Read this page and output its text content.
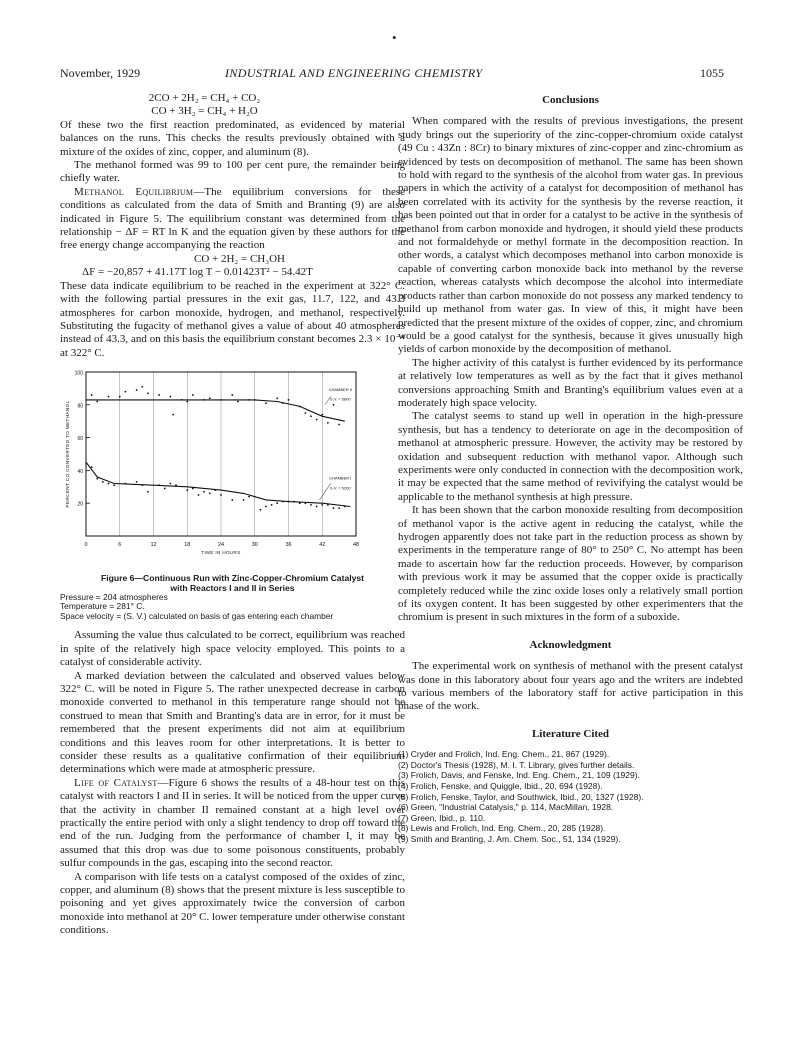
•
November, 1929	INDUSTRIAL AND ENGINEERING CHEMISTRY	1055

2CO + 2H₂ = CH₄ + CO₂

CO + 3H₂ = CH₄ + H₂O

Of these two the first reaction predominated, as evidenced by material balances on the runs. This checks the results previously obtained with a mixture of the oxides of zinc, copper, and aluminum (8).

The methanol formed was 99 to 100 per cent pure, the remainder being chiefly water.

Methanol Equilibrium—The equilibrium conversions for these conditions as calculated from the data of Smith and Branting (9) are also indicated in Figure 5. The equilibrium constant was determined from the relationship − ΔF = RT ln K and the equation given by these authors for the free energy change accompanying the reaction

CO + 2H₂ = CH₃OH

ΔF = −20,857 + 41.17T log T − 0.01423T² − 54.42T

These data indicate equilibrium to be reached in the experiment at 322° C. with the following partial pressures in the exit gas, 11.7, 122, and 43.3 atmospheres for carbon monoxide, hydrogen, and methanol, respectively. Substituting the fugacity of methanol gives a value of about 40 atmospheres instead of 43.3, and on this basis the equilibrium constant becomes 2.3 × 10⁻⁴ at 322° C.

100
80
60
40
20
0	6	12	18	24	30	36	42	48
TIME IN HOURS
PERCENT CO CONVERTED TO METHANOL
CHAMBER II
S.V. = 5600
CHAMBER I
S.V. = 5200
Figure 6—Continuous Run with Zinc-Copper-Chromium Catalyst
with Reactors I and II in Series
Pressure = 204 atmospheres
Temperature = 281° C.
Space velocity = (S. V.) calculated on basis of gas entering each chamber

Assuming the value thus calculated to be correct, equilibrium was reached in spite of the relatively high space velocity employed. This points to a catalyst of considerable activity.

A marked deviation between the calculated and observed values below 322° C. will be noted in Figure 5. The rather unexpected decrease in carbon monoxide converted to methanol in this temperature range should not be construed to mean that Smith and Branting's data are in error, for it must be remembered that the present experiments did not aim at equilibrium conditions and this leaves room for other interpretations. It is better to consider these results as a qualitative confirmation of their equilibrium determinations which were made at atmospheric pressure.

Life of Catalyst—Figure 6 shows the results of a 48-hour test on this catalyst with reactors I and II in series. It will be noticed from the upper curve that the activity in chamber II remained constant at a high level over practically the entire period with only a slight tendency to drop off toward the end of the run. Judging from the performance of chamber I, it may be assumed that this drop was due to some poisonous constituents, probably sulfur compounds in the gas, escaping into the second reactor.

A comparison with life tests on a catalyst composed of the oxides of zinc, copper, and aluminum (8) shows that the present mixture is less susceptible to poisoning and yet gives approximately twice the conversion of carbon monoxide into methanol at 20° C. lower temperature under otherwise constant conditions.

Conclusions

When compared with the results of previous investigations, the present study brings out the superiority of the zinc-copper-chromium oxide catalyst (49 Cu : 43Zn : 8Cr) to binary mixtures of zinc-copper and zinc-chromium as evidenced by tests on decomposition of methanol. The same has been shown to hold with regard to the synthesis of the alcohol from water gas. In previous papers in which the activity of a catalyst for decomposition of methanol has been correlated with its activity for the synthesis by the reverse reaction, it has been pointed out that in order for a catalyst to be active in the synthesis of methanol from carbon monoxide and hydrogen, it should yield these products and not formaldehyde or methyl formate in the decomposition reaction. In other words, a catalyst which decomposes methanol into carbon monoxide is capable of converting carbon monoxide back into methanol by the reverse reaction, whereas catalysts which decompose the alcohol into intermediate products rather than carbon monoxide do not possess any marked tendency to build up methanol from water gas. In view of this, it might have been predicted that the present mixture of the oxides of copper, zinc, and chromium would be a good catalyst for the synthesis, because it gives unusually high yields of carbon monoxide by the decomposition of methanol.

The higher activity of this catalyst is further evidenced by its performance at relatively low temperatures as well as by the fact that it gives methanol conversions approaching Smith and Branting's equilibrium values even at a moderately high space velocity.

The catalyst seems to stand up well in operation in the high-pressure synthesis, but has a tendency to deteriorate on age in the decomposition of methanol at atmospheric pressure. However, the activity may be restored by oxidation and subsequent reduction with methanol vapor. Although such experiments were only conducted in connection with the decomposition work, it may be expected that the same method of revivifying the catalyst would be applicable to the methanol synthesis at high pressure.

It has been shown that the carbon monoxide resulting from decomposition of methanol vapor is the active agent in reducing the catalyst, while the hydrogen apparently does not take part in the reduction process as shown by experiments in the temperature range of 80° to 250° C. No attempt has been made to ascertain how far the reduction proceeds. However, by comparison with previous work it may be assumed that the copper oxide is practically completely reduced while the zinc oxide loses only a relatively small portion of its oxygen content. It has been suggested by other experimenters that the chromium is present in such mixtures in the form of a suboxide.

Acknowledgment

The experimental work on synthesis of methanol with the present catalyst was done in this laboratory about four years ago and the writers are indebted to various members of the laboratory staff for active participation in this phase of the work.

Literature Cited
(1) Cryder and Frolich, Ind. Eng. Chem., 21, 867 (1929).
(2) Doctor's Thesis (1928), M. I. T. Library, gives further details.
(3) Frolich, Davis, and Fenske, Ind. Eng. Chem., 21, 109 (1929).
(4) Frolich, Fenske, and Quiggle, Ibid., 20, 694 (1928).
(5) Frolich, Fenske, Taylor, and Southwick, Ibid., 20, 1327 (1928).
(6) Green, "Industrial Catalysis," p. 114, MacMillan, 1928.
(7) Green, Ibid., p. 110.
(8) Lewis and Frolich, Ind. Eng. Chem., 20, 285 (1928).
(9) Smith and Branting, J. Am. Chem. Soc., 51, 134 (1929).
